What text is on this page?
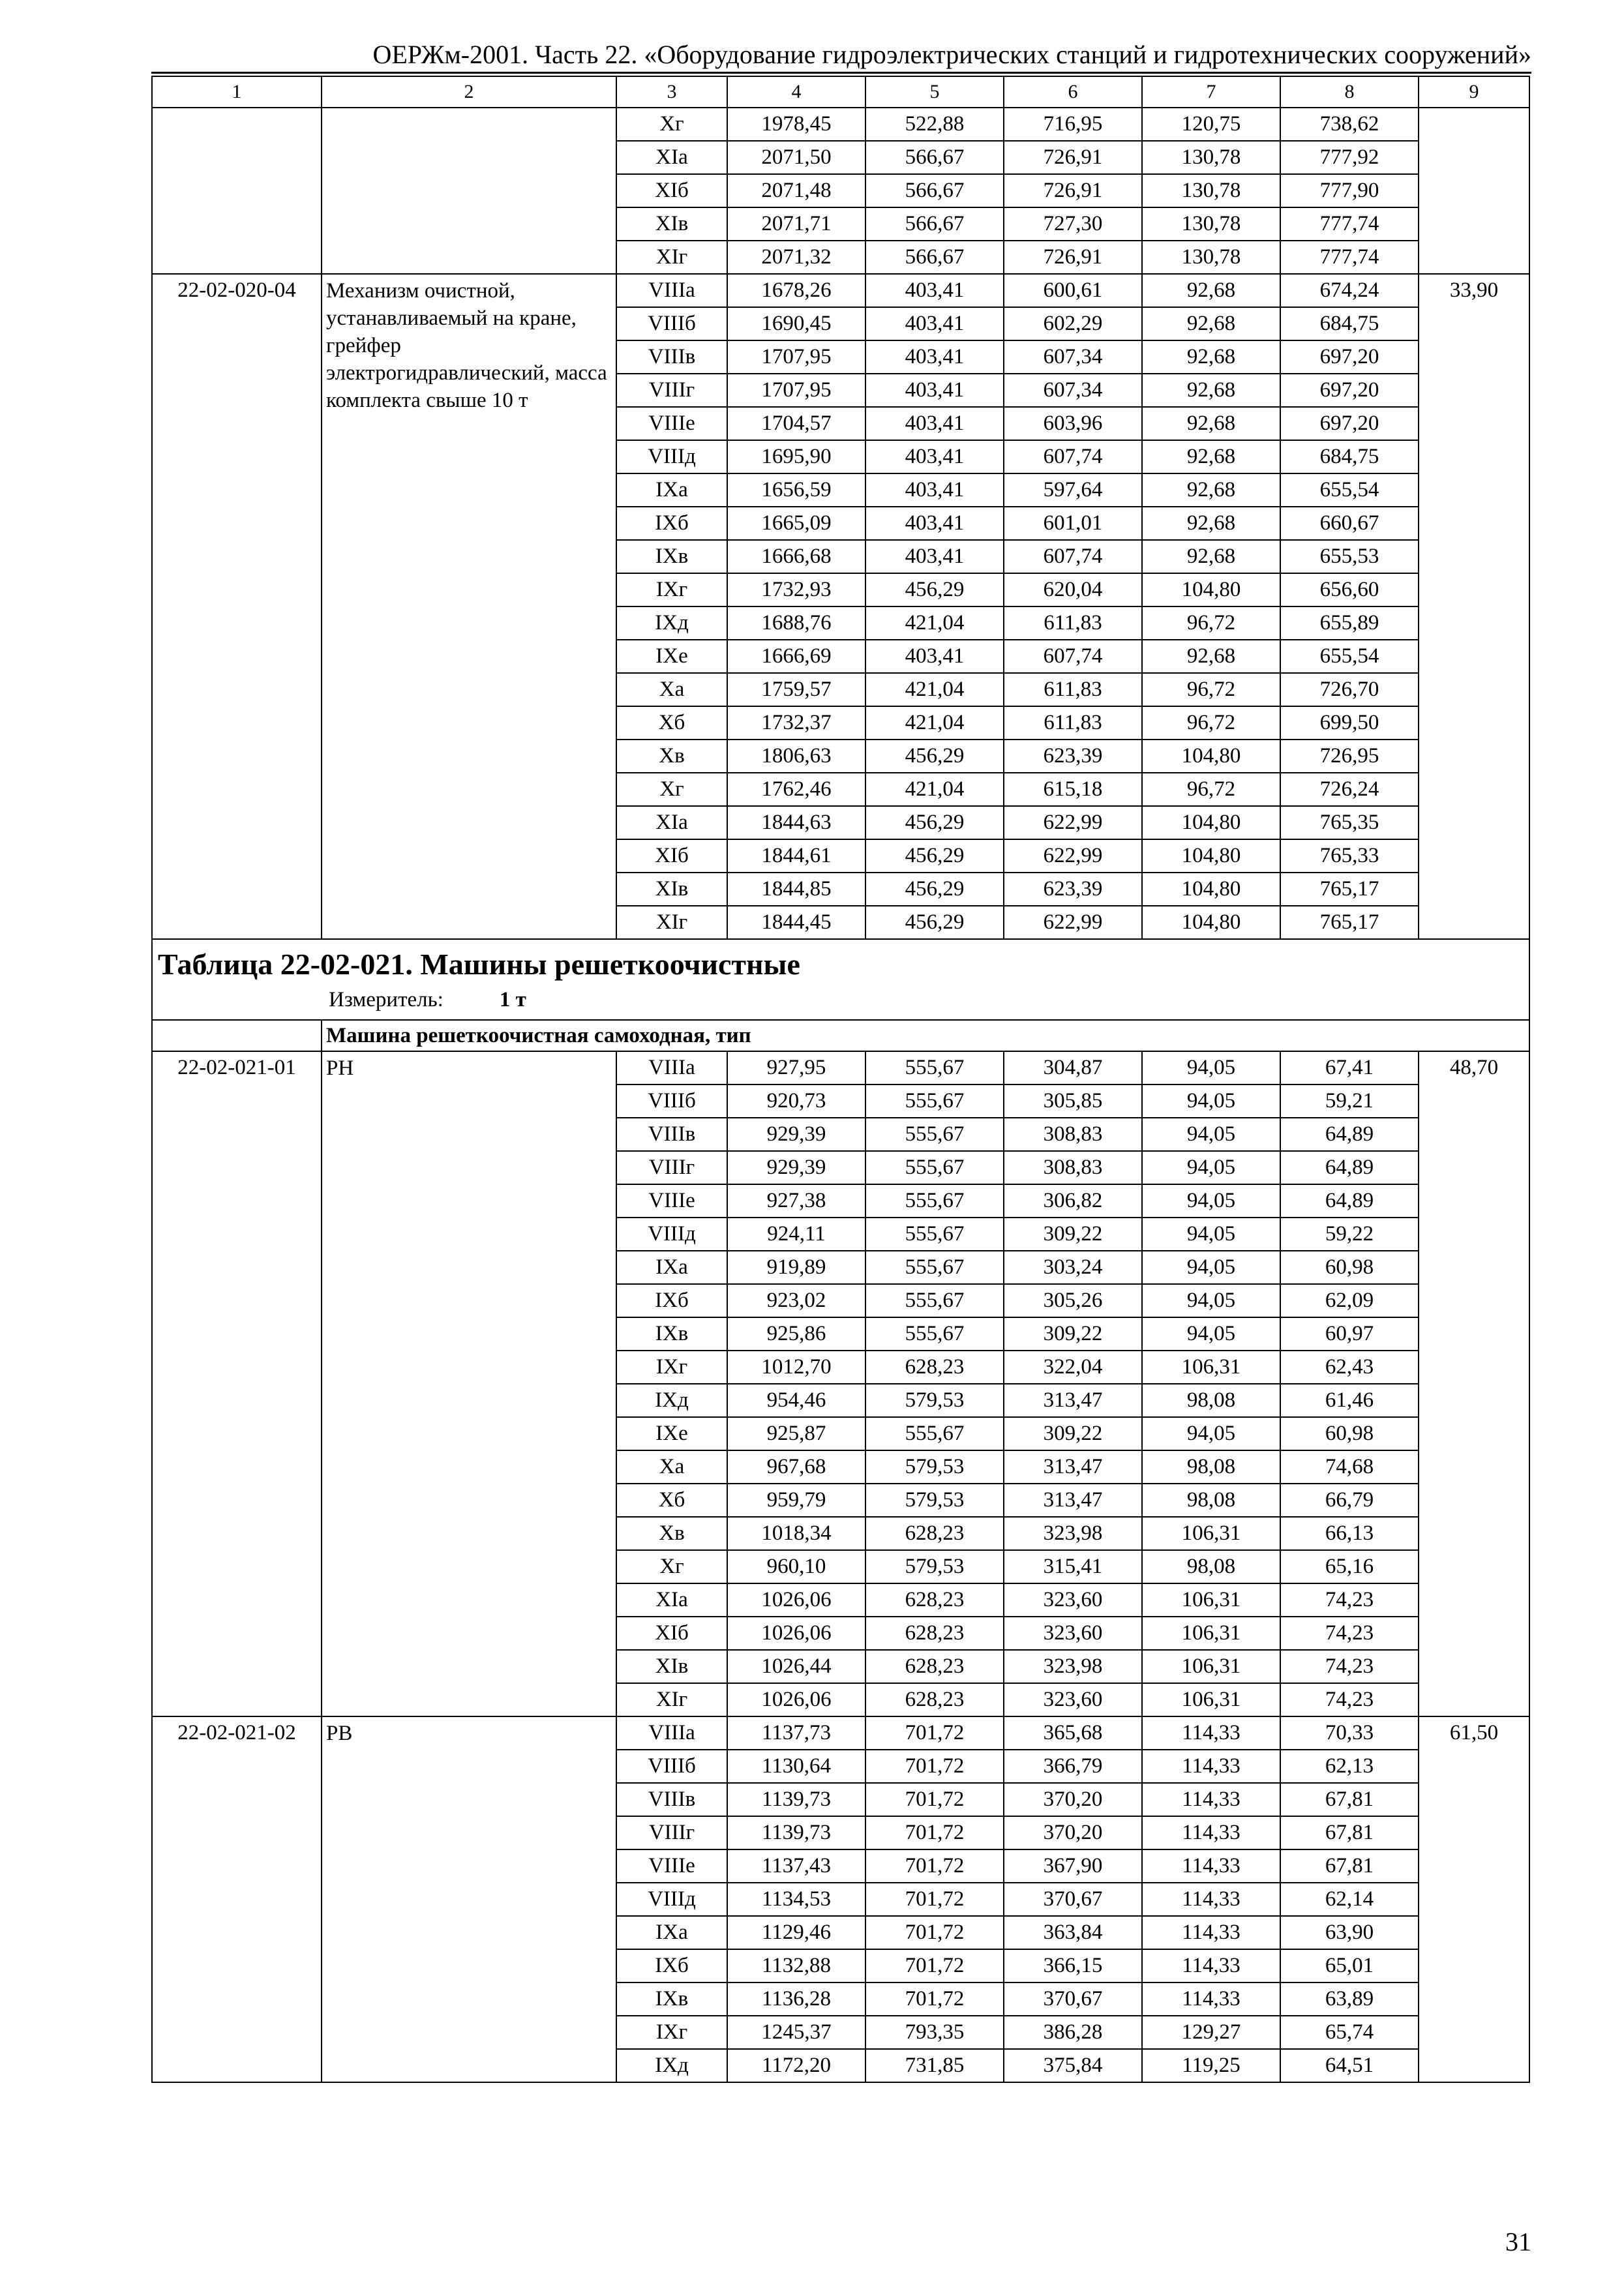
ОЕРЖм-2001. Часть 22. «Оборудование гидроэлектрических станций и гидротехнических сооружений»
1	2	3	4	5	6	7	8	9
		Xг	1978,45	522,88	716,95	120,75	738,62	
		XIа	2071,50	566,67	726,91	130,78	777,92	
		XIб	2071,48	566,67	726,91	130,78	777,90	
		XIв	2071,71	566,67	727,30	130,78	777,74	
		XIг	2071,32	566,67	726,91	130,78	777,74	
22-02-020-04	Механизм очистной, устанавливаемый на кране, грейфер электрогидравлический, масса комплекта свыше 10 т	VIIIа	1678,26	403,41	600,61	92,68	674,24	33,90
		VIIIб	1690,45	403,41	602,29	92,68	684,75	
		VIIIв	1707,95	403,41	607,34	92,68	697,20	
		VIIIг	1707,95	403,41	607,34	92,68	697,20	
		VIIIе	1704,57	403,41	603,96	92,68	697,20	
		VIIIд	1695,90	403,41	607,74	92,68	684,75	
		IXа	1656,59	403,41	597,64	92,68	655,54	
		IXб	1665,09	403,41	601,01	92,68	660,67	
		IXв	1666,68	403,41	607,74	92,68	655,53	
		IXг	1732,93	456,29	620,04	104,80	656,60	
		IXд	1688,76	421,04	611,83	96,72	655,89	
		IXе	1666,69	403,41	607,74	92,68	655,54	
		Xа	1759,57	421,04	611,83	96,72	726,70	
		Xб	1732,37	421,04	611,83	96,72	699,50	
		Xв	1806,63	456,29	623,39	104,80	726,95	
		Xг	1762,46	421,04	615,18	96,72	726,24	
		XIа	1844,63	456,29	622,99	104,80	765,35	
		XIб	1844,61	456,29	622,99	104,80	765,33	
		XIв	1844,85	456,29	623,39	104,80	765,17	
		XIг	1844,45	456,29	622,99	104,80	765,17	

Таблица 22-02-021. Машины решеткоочистные
Измеритель: 1 т								

	Машина решеткоочистная самоходная, тип							
22-02-021-01	РН	VIIIа	927,95	555,67	304,87	94,05	67,41	48,70
		VIIIб	920,73	555,67	305,85	94,05	59,21	
		VIIIв	929,39	555,67	308,83	94,05	64,89	
		VIIIг	929,39	555,67	308,83	94,05	64,89	
		VIIIе	927,38	555,67	306,82	94,05	64,89	
		VIIIд	924,11	555,67	309,22	94,05	59,22	
		IXа	919,89	555,67	303,24	94,05	60,98	
		IXб	923,02	555,67	305,26	94,05	62,09	
		IXв	925,86	555,67	309,22	94,05	60,97	
		IXг	1012,70	628,23	322,04	106,31	62,43	
		IXд	954,46	579,53	313,47	98,08	61,46	
		IXе	925,87	555,67	309,22	94,05	60,98	
		Xа	967,68	579,53	313,47	98,08	74,68	
		Xб	959,79	579,53	313,47	98,08	66,79	
		Xв	1018,34	628,23	323,98	106,31	66,13	
		Xг	960,10	579,53	315,41	98,08	65,16	
		XIа	1026,06	628,23	323,60	106,31	74,23	
		XIб	1026,06	628,23	323,60	106,31	74,23	
		XIв	1026,44	628,23	323,98	106,31	74,23	
		XIг	1026,06	628,23	323,60	106,31	74,23	
22-02-021-02	РВ	VIIIа	1137,73	701,72	365,68	114,33	70,33	61,50
		VIIIб	1130,64	701,72	366,79	114,33	62,13	
		VIIIв	1139,73	701,72	370,20	114,33	67,81	
		VIIIг	1139,73	701,72	370,20	114,33	67,81	
		VIIIе	1137,43	701,72	367,90	114,33	67,81	
		VIIIд	1134,53	701,72	370,67	114,33	62,14	
		IXа	1129,46	701,72	363,84	114,33	63,90	
		IXб	1132,88	701,72	366,15	114,33	65,01	
		IXв	1136,28	701,72	370,67	114,33	63,89	
		IXг	1245,37	793,35	386,28	129,27	65,74	
		IXд	1172,20	731,85	375,84	119,25	64,51	
31
